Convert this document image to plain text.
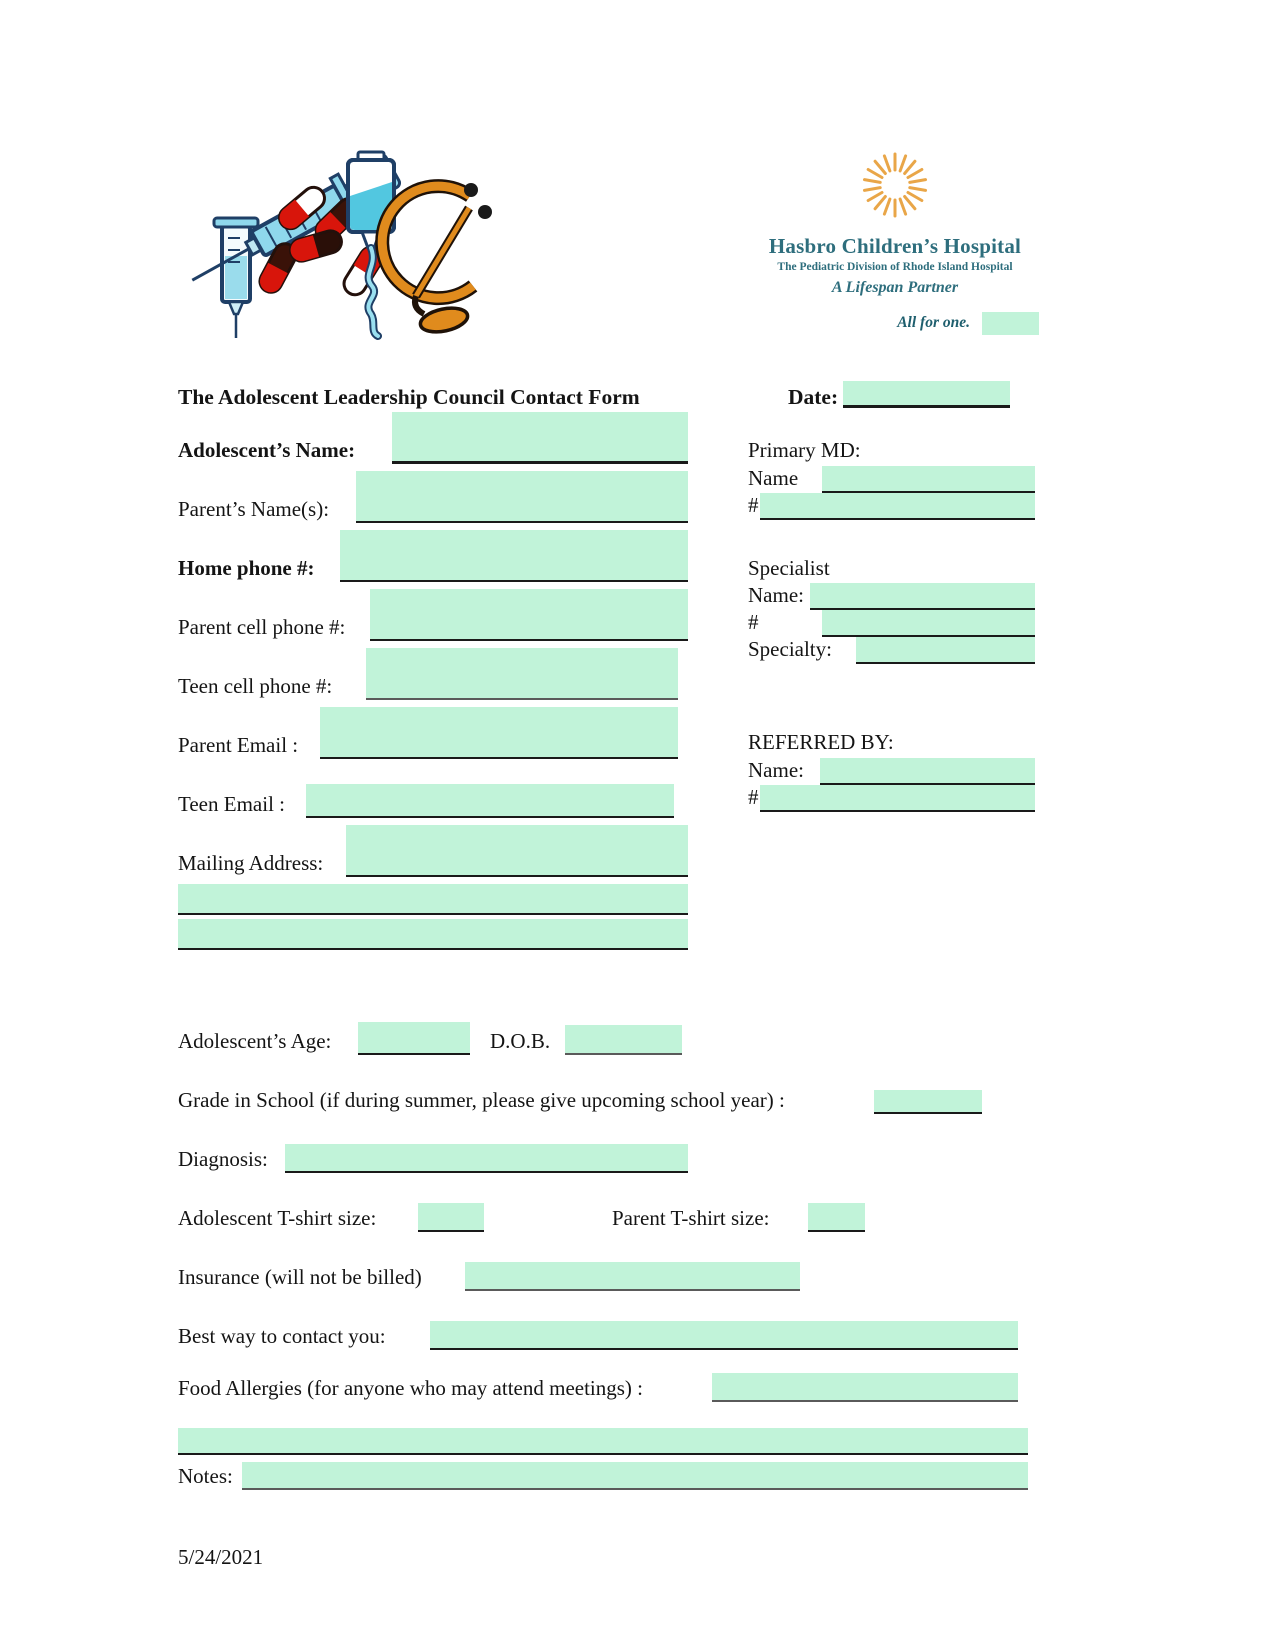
Hasbro Children’s Hospital
The Pediatric Division of Rhode Island Hospital
A Lifespan Partner
All for one.
The Adolescent Leadership Council Contact Form	Date:
Adolescent’s Name:
Parent’s Name(s):
Home phone #:
Parent cell phone #:
Teen cell phone #:
Parent Email :
Teen Email :
Mailing Address:
Primary MD:
Name
#
Specialist
Name:
#
Specialty:
REFERRED BY:
Name:
#
Adolescent’s Age:	D.O.B.
Grade in School (if during summer, please give upcoming school year) :
Diagnosis:
Adolescent T-shirt size:	Parent T-shirt size:
Insurance (will not be billed)
Best way to contact you:
Food Allergies (for anyone who may attend meetings) :
Notes:
5/24/2021
